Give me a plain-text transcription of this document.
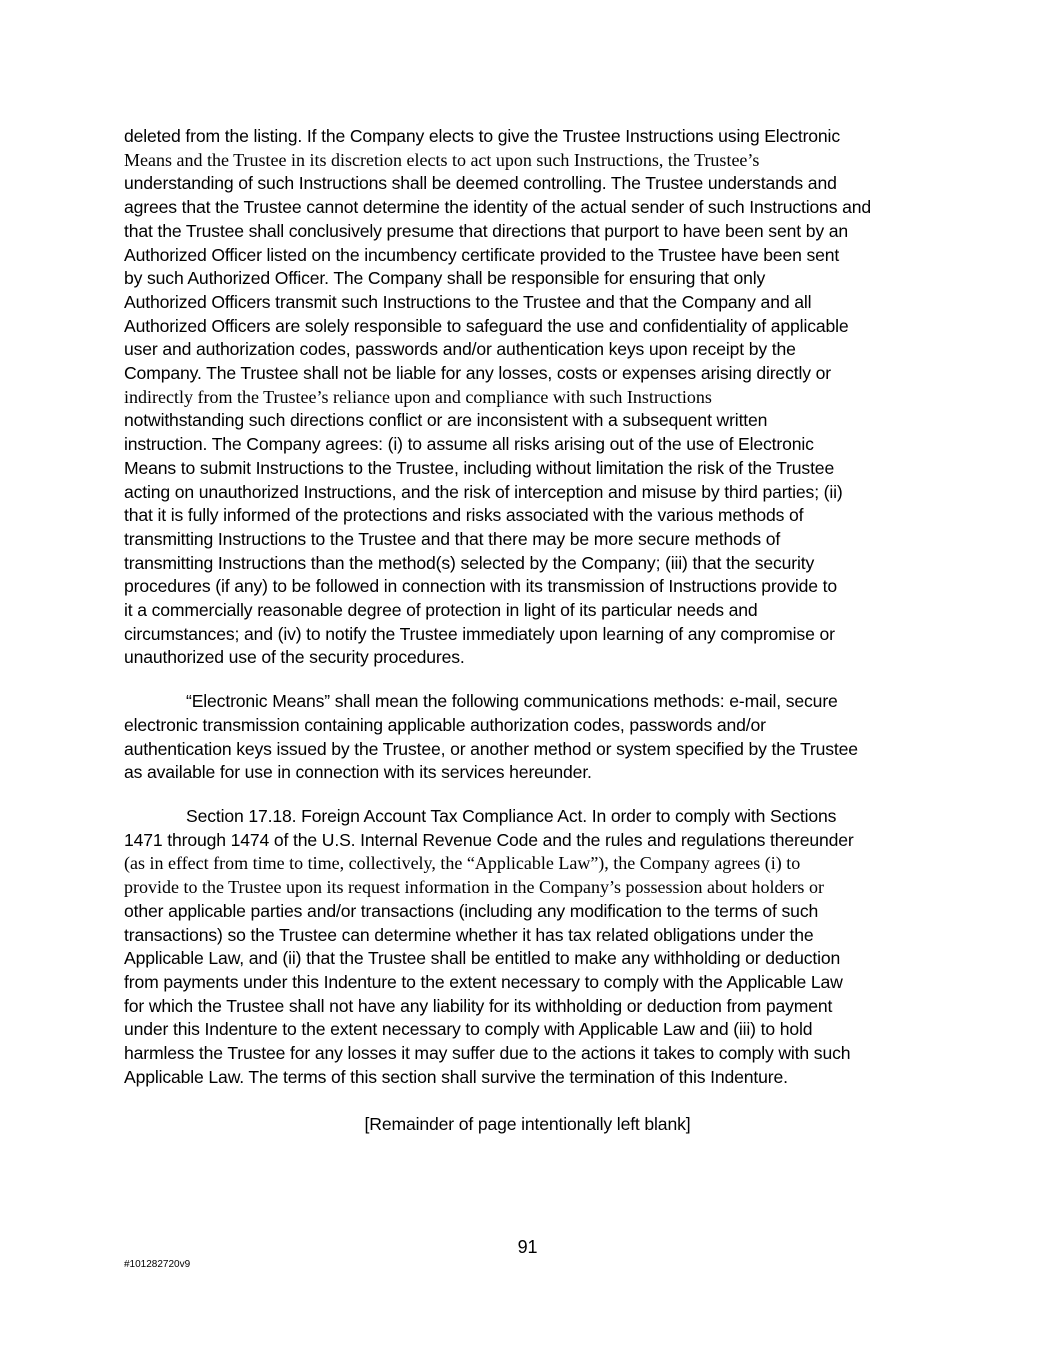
deleted from the listing. If the Company elects to give the Trustee Instructions using Electronic
Means and the Trustee in its discretion elects to act upon such Instructions, the Trustee’s
understanding of such Instructions shall be deemed controlling. The Trustee understands and
agrees that the Trustee cannot determine the identity of the actual sender of such Instructions and
that the Trustee shall conclusively presume that directions that purport to have been sent by an
Authorized Officer listed on the incumbency certificate provided to the Trustee have been sent
by such Authorized Officer. The Company shall be responsible for ensuring that only
Authorized Officers transmit such Instructions to the Trustee and that the Company and all
Authorized Officers are solely responsible to safeguard the use and confidentiality of applicable
user and authorization codes, passwords and/or authentication keys upon receipt by the
Company. The Trustee shall not be liable for any losses, costs or expenses arising directly or
indirectly from the Trustee’s reliance upon and compliance with such Instructions
notwithstanding such directions conflict or are inconsistent with a subsequent written
instruction. The Company agrees: (i) to assume all risks arising out of the use of Electronic
Means to submit Instructions to the Trustee, including without limitation the risk of the Trustee
acting on unauthorized Instructions, and the risk of interception and misuse by third parties; (ii)
that it is fully informed of the protections and risks associated with the various methods of
transmitting Instructions to the Trustee and that there may be more secure methods of
transmitting Instructions than the method(s) selected by the Company; (iii) that the security
procedures (if any) to be followed in connection with its transmission of Instructions provide to
it a commercially reasonable degree of protection in light of its particular needs and
circumstances; and (iv) to notify the Trustee immediately upon learning of any compromise or
unauthorized use of the security procedures.

“Electronic Means” shall mean the following communications methods: e-mail, secure
electronic transmission containing applicable authorization codes, passwords and/or
authentication keys issued by the Trustee, or another method or system specified by the Trustee
as available for use in connection with its services hereunder.

Section 17.18. Foreign Account Tax Compliance Act. In order to comply with Sections
1471 through 1474 of the U.S. Internal Revenue Code and the rules and regulations thereunder
(as in effect from time to time, collectively, the “Applicable Law”), the Company agrees (i) to
provide to the Trustee upon its request information in the Company’s possession about holders or
other applicable parties and/or transactions (including any modification to the terms of such
transactions) so the Trustee can determine whether it has tax related obligations under the
Applicable Law, and (ii) that the Trustee shall be entitled to make any withholding or deduction
from payments under this Indenture to the extent necessary to comply with the Applicable Law
for which the Trustee shall not have any liability for its withholding or deduction from payment
under this Indenture to the extent necessary to comply with Applicable Law and (iii) to hold
harmless the Trustee for any losses it may suffer due to the actions it takes to comply with such
Applicable Law. The terms of this section shall survive the termination of this Indenture.

[Remainder of page intentionally left blank]
91
#101282720v9
